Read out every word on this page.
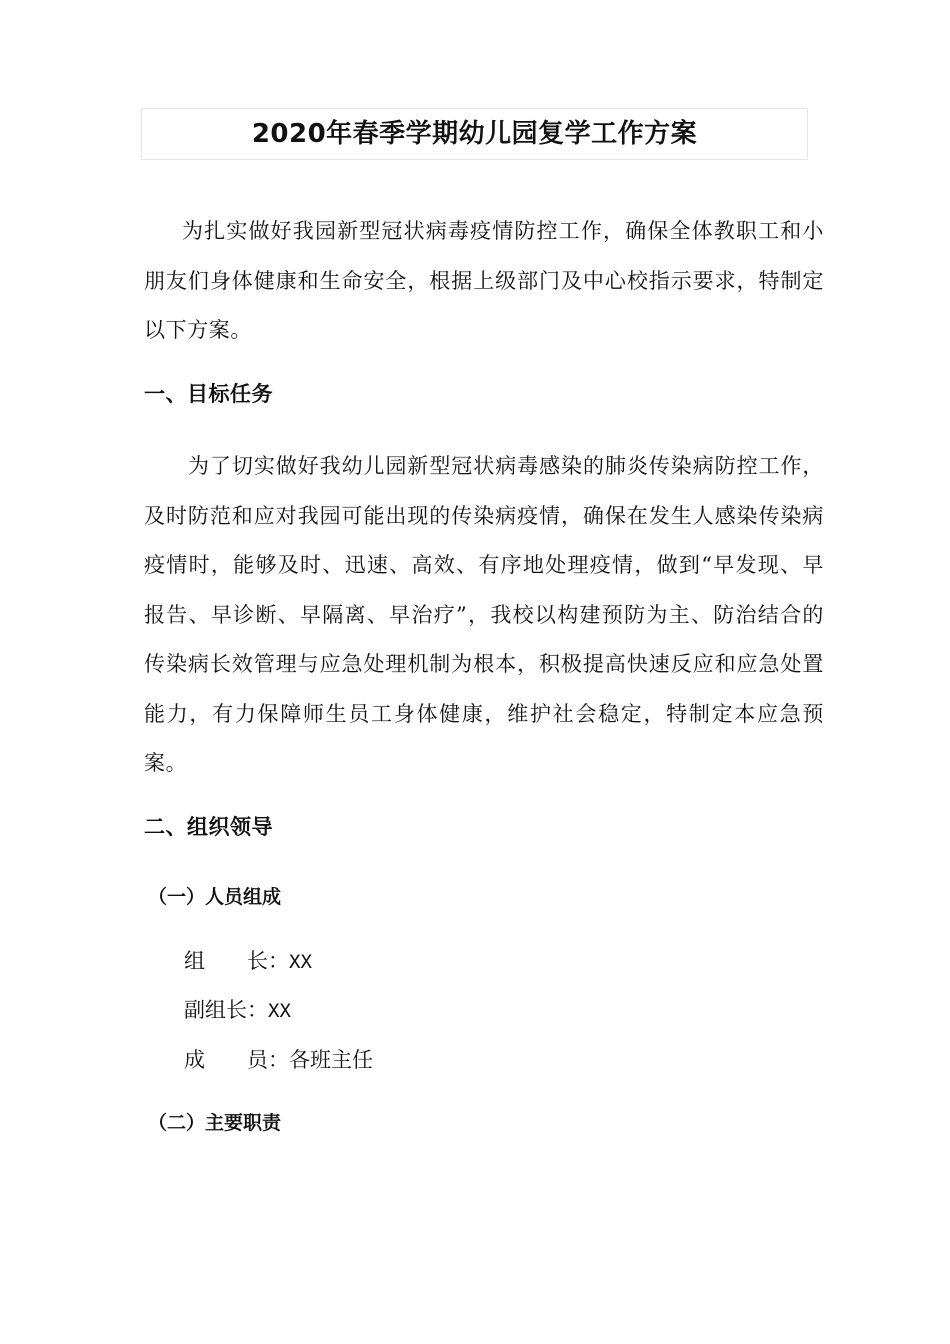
2020年春季学期幼儿园复学工作方案

为扎实做好我园新型冠状病毒疫情防控工作，确保全体教职工和小朋友们身体健康和生命安全，根据上级部门及中心校指示要求，特制定以下方案。

一、目标任务

为了切实做好我幼儿园新型冠状病毒感染的肺炎传染病防控工作，及时防范和应对我园可能出现的传染病疫情，确保在发生人感染传染病疫情时，能够及时、迅速、高效、有序地处理疫情，做到“早发现、早报告、早诊断、早隔离、早治疗”，我校以构建预防为主、防治结合的传染病长效管理与应急处理机制为根本，积极提高快速反应和应急处置能力，有力保障师生员工身体健康，维护社会稳定，特制定本应急预案。

二、组织领导
（一）人员组成
组　　长：XX
副组长：XX
成　　员：各班主任
（二）主要职责
